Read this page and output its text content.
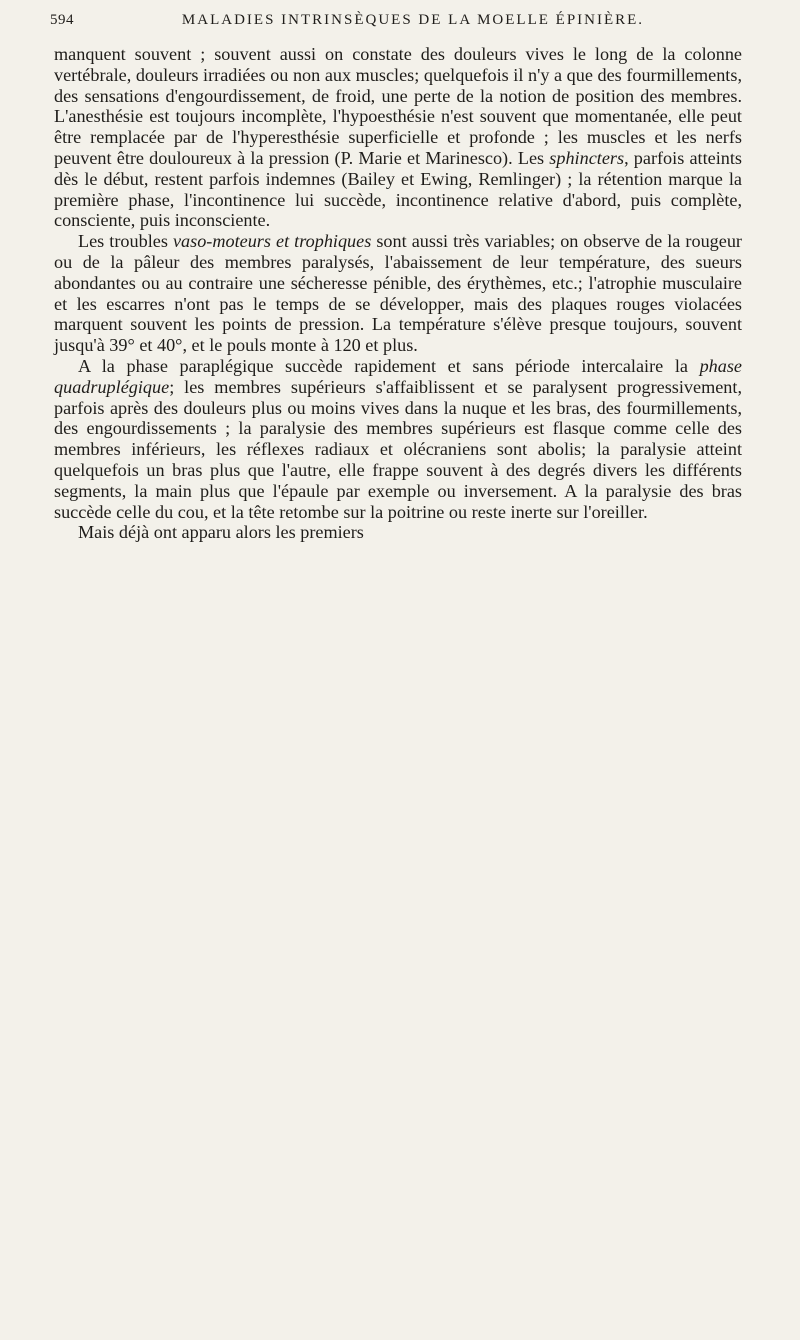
594	MALADIES INTRINSÈQUES DE LA MOELLE ÉPINIÈRE.

manquent souvent ; souvent aussi on constate des douleurs vives le long de la colonne vertébrale, douleurs irradiées ou non aux muscles; quelquefois il n'y a que des fourmillements, des sensations d'engourdissement, de froid, une perte de la notion de position des membres. L'anesthésie est toujours incomplète, l'hypoesthésie n'est souvent que momentanée, elle peut être remplacée par de l'hyperesthésie superficielle et profonde ; les muscles et les nerfs peuvent être douloureux à la pression (P. Marie et Marinesco). Les sphincters, parfois atteints dès le début, restent parfois indemnes (Bailey et Ewing, Remlinger) ; la rétention marque la première phase, l'incontinence lui succède, incontinence relative d'abord, puis complète, consciente, puis inconsciente.

Les troubles vaso-moteurs et trophiques sont aussi très variables; on observe de la rougeur ou de la pâleur des membres paralysés, l'abaissement de leur température, des sueurs abondantes ou au contraire une sécheresse pénible, des érythèmes, etc.; l'atrophie musculaire et les escarres n'ont pas le temps de se développer, mais des plaques rouges violacées marquent souvent les points de pression. La température s'élève presque toujours, souvent jusqu'à 39° et 40°, et le pouls monte à 120 et plus.

A la phase paraplégique succède rapidement et sans période intercalaire la phase quadruplégique; les membres supérieurs s'affaiblissent et se paralysent progressivement, parfois après des douleurs plus ou moins vives dans la nuque et les bras, des fourmillements, des engourdissements ; la paralysie des membres supérieurs est flasque comme celle des membres inférieurs, les réflexes radiaux et olécraniens sont abolis; la paralysie atteint quelquefois un bras plus que l'autre, elle frappe souvent à des degrés divers les différents segments, la main plus que l'épaule par exemple ou inversement. A la paralysie des bras succède celle du cou, et la tête retombe sur la poitrine ou reste inerte sur l'oreiller.

Mais déjà ont apparu alors les premiers
